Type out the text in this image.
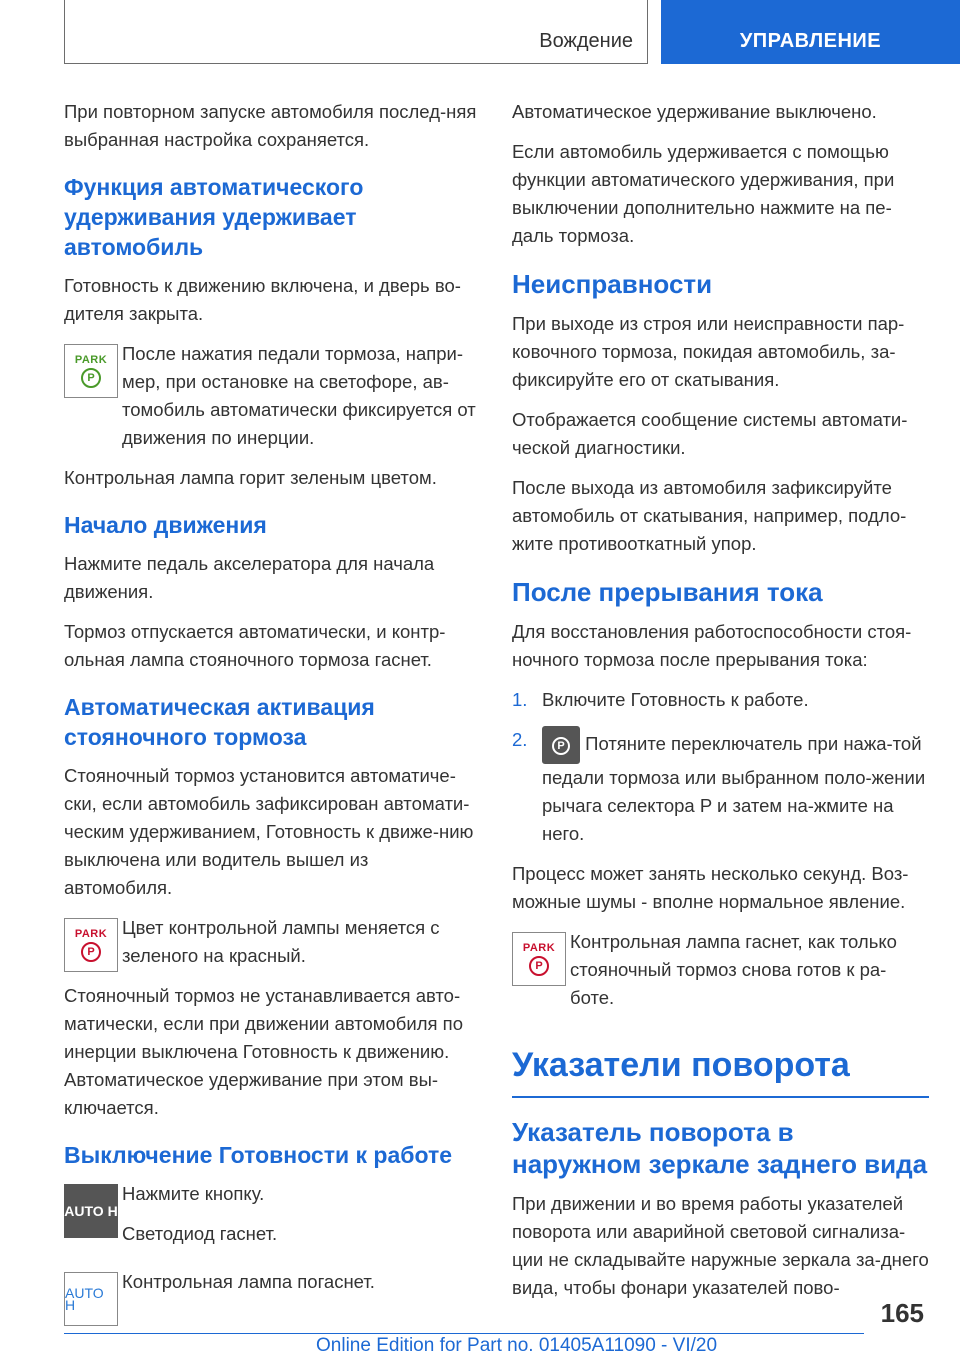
Вождение	УПРАВЛЕНИЕ

При повторном запуске автомобиля послед-няя выбранная настройка сохраняется.

Функция автоматического удерживания удерживает автомобиль

Готовность к движению включена, и дверь во-дителя закрыта.

PARK
P

После нажатия педали тормоза, напри-мер, при остановке на светофоре, ав-томобиль автоматически фиксируется от движения по инерции.

Контрольная лампа горит зеленым цветом.

Начало движения

Нажмите педаль акселератора для начала движения.

Тормоз отпускается автоматически, и контр-ольная лампа стояночного тормоза гаснет.

Автоматическая активация стояночного тормоза

Стояночный тормоз установится автоматиче-ски, если автомобиль зафиксирован автомати-ческим удерживанием, Готовность к движе-нию выключена или водитель вышел из автомобиля.

PARK
P

Цвет контрольной лампы меняется с зеленого на красный.

Стояночный тормоз не устанавливается авто-матически, если при движении автомобиля по инерции выключена Готовность к движению. Автоматическое удерживание при этом вы-ключается.

Выключение Готовности к работе
AUTO H

Нажмите кнопку.

Светодиод гаснет.

AUTO H

Контрольная лампа погаснет.

Автоматическое удерживание выключено.

Если автомобиль удерживается с помощью функции автоматического удерживания, при выключении дополнительно нажмите на пе-даль тормоза.

Неисправности

При выходе из строя или неисправности пар-ковочного тормоза, покидая автомобиль, за-фиксируйте его от скатывания.

Отображается сообщение системы автомати-ческой диагностики.

После выхода из автомобиля зафиксируйте автомобиль от скатывания, например, подло-жите противооткатный упор.

После прерывания тока

Для восстановления работоспособности стоя-ночного тормоза после прерывания тока:

1. Включите Готовность к работе.
2.	P Потяните переключатель при нажа-той педали тормоза или выбранном поло-жении рычага селектора P и затем на-жмите на него.

Процесс может занять несколько секунд. Воз-можные шумы - вполне нормальное явление.

PARK
P

Контрольная лампа гаснет, как только стояночный тормоз снова готов к ра-боте.

Указатели поворота
Указатель поворота в наружном зеркале заднего вида

При движении и во время работы указателей поворота или аварийной световой сигнализа-ции не складывайте наружные зеркала за-днего вида, чтобы фонари указателей пово-

165
Online Edition for Part no. 01405A11090 - VI/20
